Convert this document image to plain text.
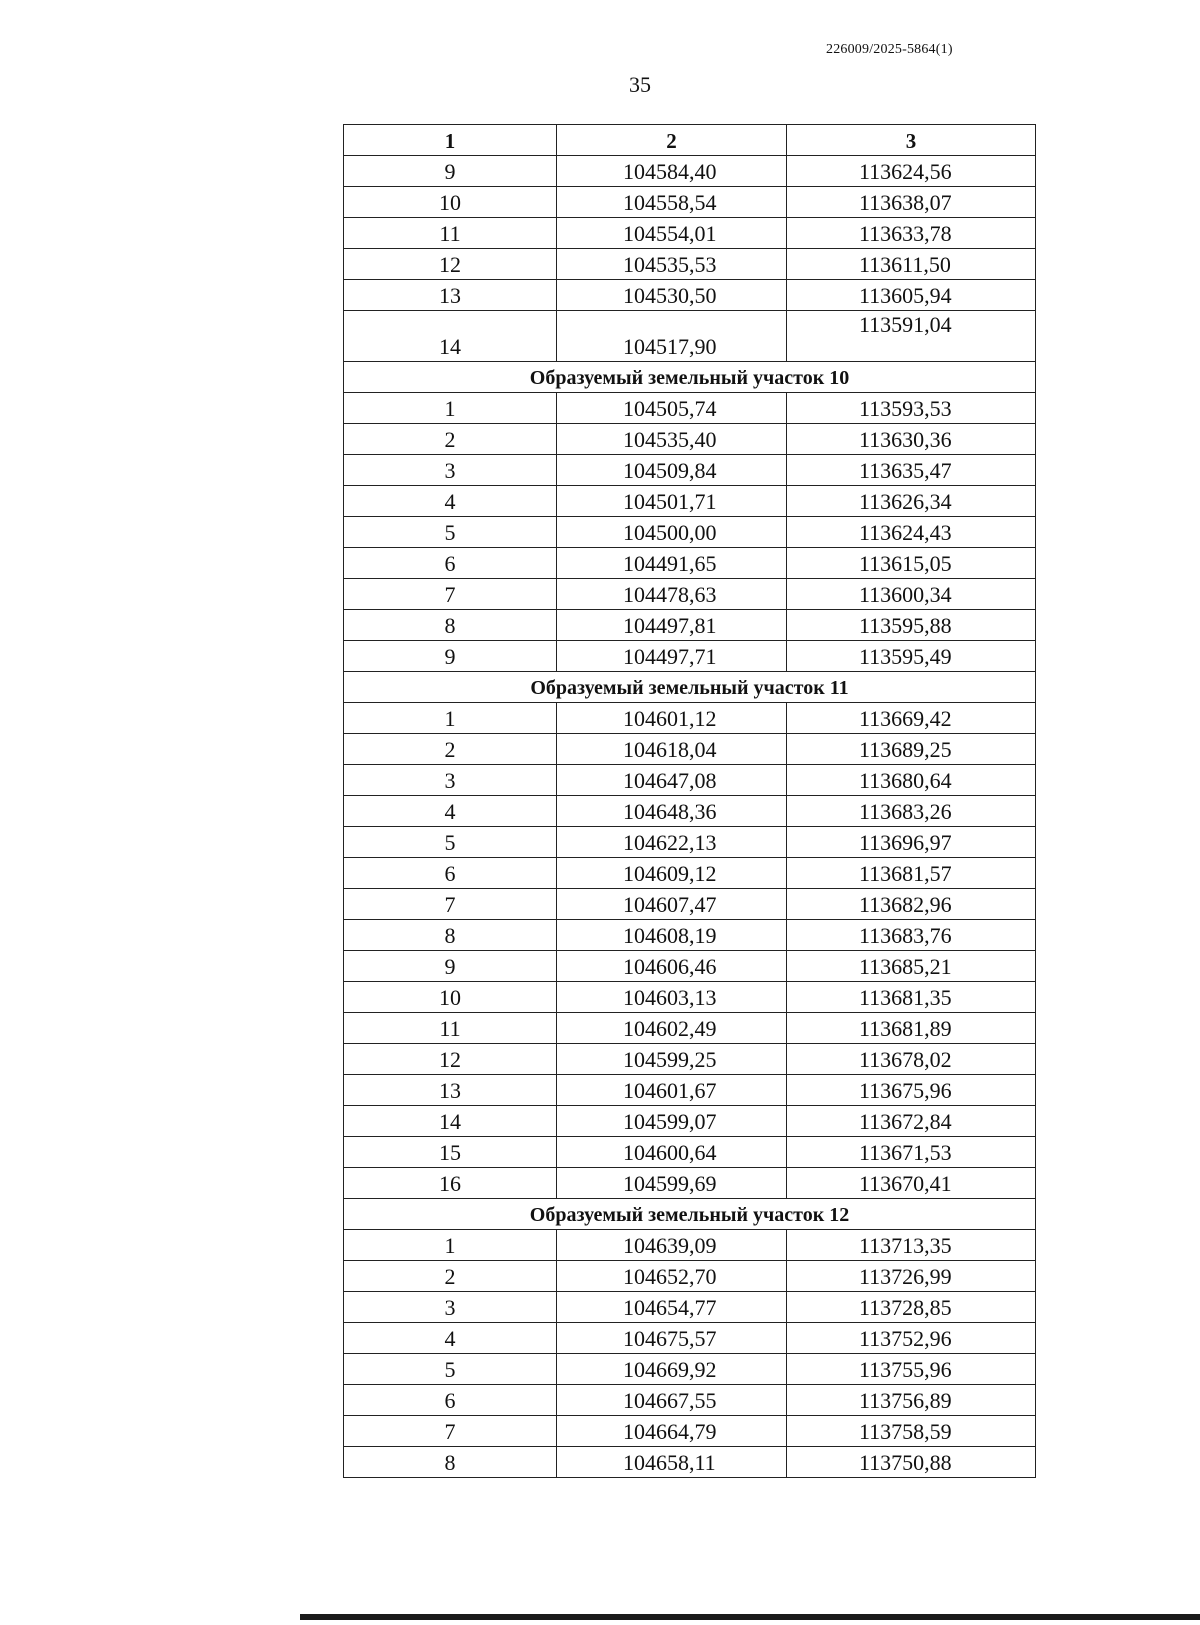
226009/2025-5864(1)
35
1	2	3
9	104584,40	113624,56
10	104558,54	113638,07
11	104554,01	113633,78
12	104535,53	113611,50
13	104530,50	113605,94
14	104517,90	113591,04
Образуемый земельный участок 10		
1	104505,74	113593,53
2	104535,40	113630,36
3	104509,84	113635,47
4	104501,71	113626,34
5	104500,00	113624,43
6	104491,65	113615,05
7	104478,63	113600,34
8	104497,81	113595,88
9	104497,71	113595,49
Образуемый земельный участок 11		
1	104601,12	113669,42
2	104618,04	113689,25
3	104647,08	113680,64
4	104648,36	113683,26
5	104622,13	113696,97
6	104609,12	113681,57
7	104607,47	113682,96
8	104608,19	113683,76
9	104606,46	113685,21
10	104603,13	113681,35
11	104602,49	113681,89
12	104599,25	113678,02
13	104601,67	113675,96
14	104599,07	113672,84
15	104600,64	113671,53
16	104599,69	113670,41
Образуемый земельный участок 12		
1	104639,09	113713,35
2	104652,70	113726,99
3	104654,77	113728,85
4	104675,57	113752,96
5	104669,92	113755,96
6	104667,55	113756,89
7	104664,79	113758,59
8	104658,11	113750,88
